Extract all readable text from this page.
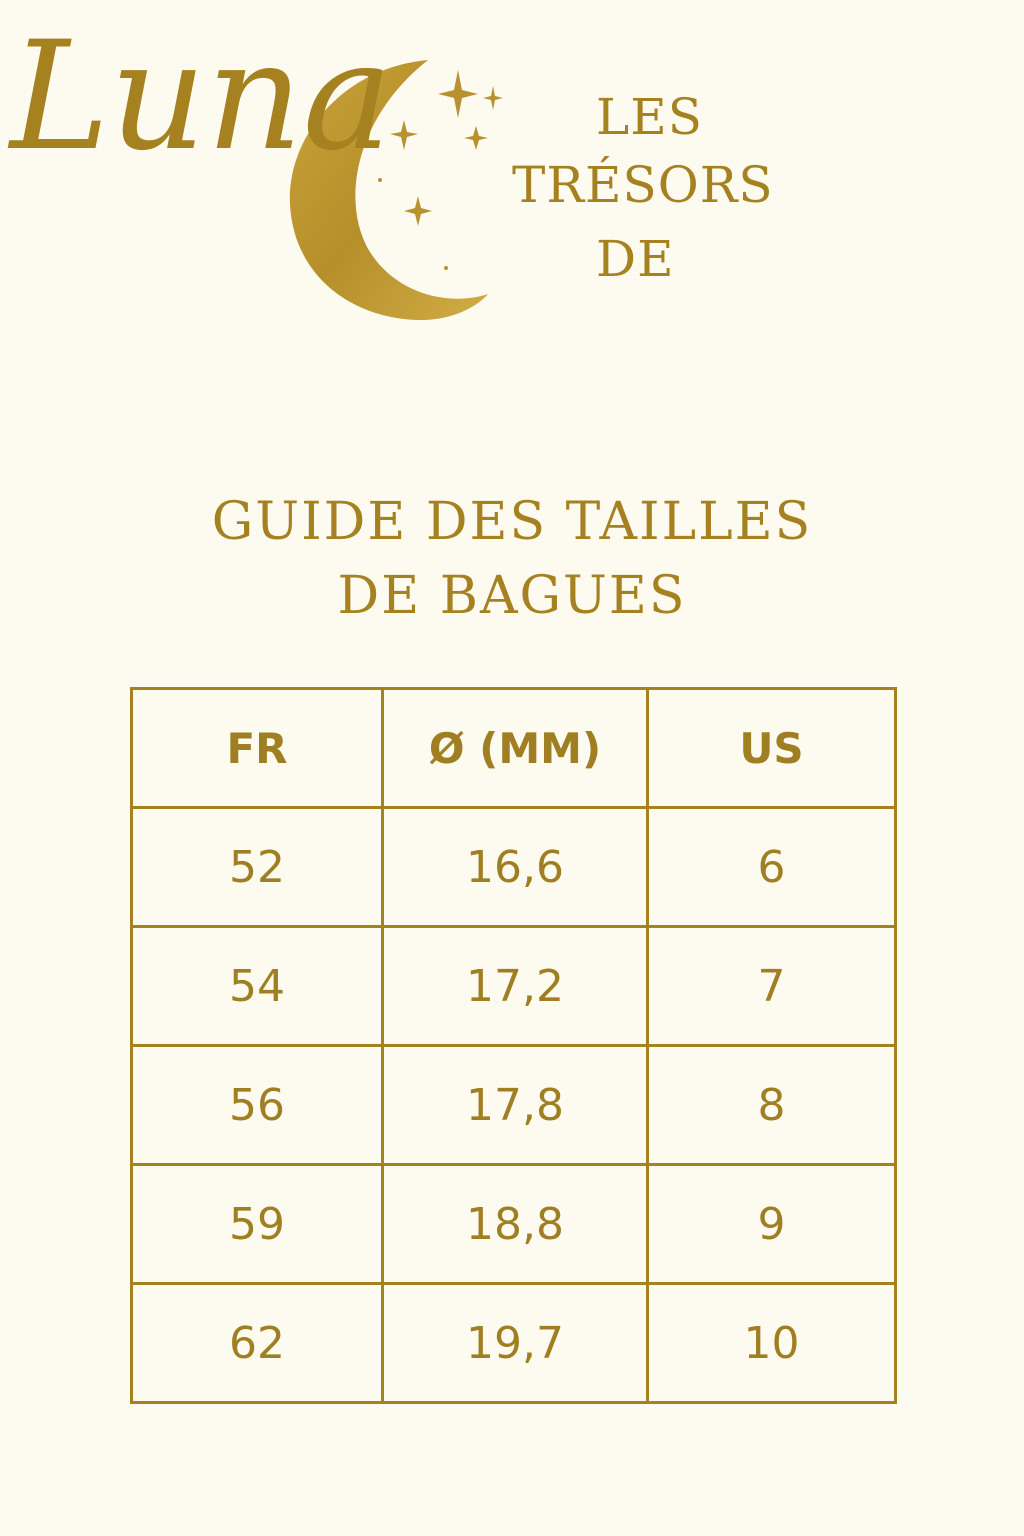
LES
TRÉSORS
DE
Luna
GUIDE DES TAILLES
DE BAGUES
FR	Ø (MM)	US
52	16,6	6
54	17,2	7
56	17,8	8
59	18,8	9
62	19,7	10
